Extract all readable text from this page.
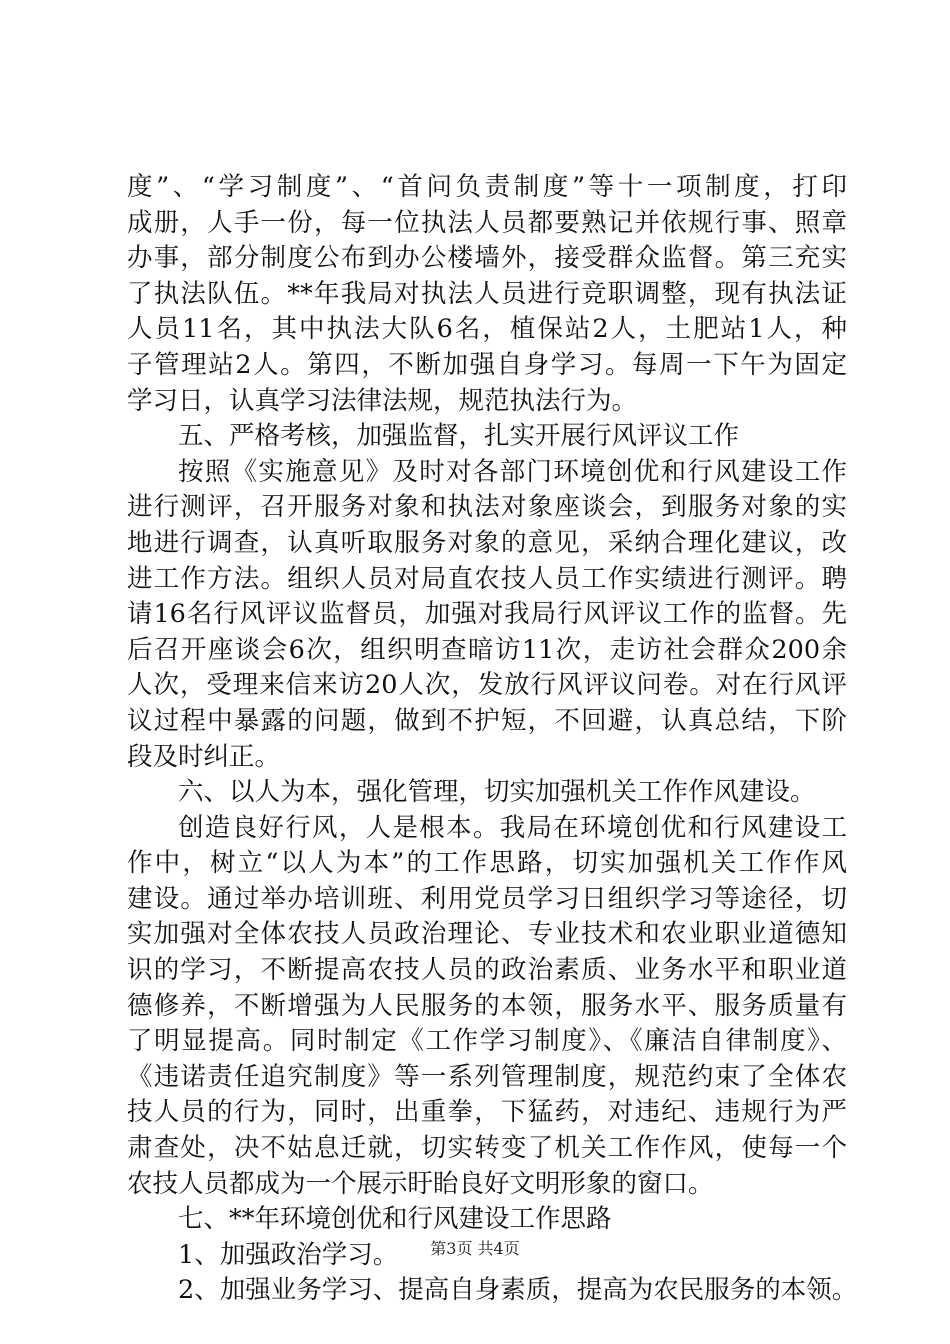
度”、“学习制度”、“首问负责制度”等十一项制度，打印
成册，人手一份，每一位执法人员都要熟记并依规行事、照章
办事，部分制度公布到办公楼墙外，接受群众监督。第三充实
了执法队伍。**年我局对执法人员进行竞职调整，现有执法证
人员11名，其中执法大队6名，植保站2人，土肥站1人，种
子管理站2人。第四，不断加强自身学习。每周一下午为固定
学习日，认真学习法律法规，规范执法行为。
五、严格考核，加强监督，扎实开展行风评议工作
按照《实施意见》及时对各部门环境创优和行风建设工作
进行测评，召开服务对象和执法对象座谈会，到服务对象的实
地进行调查，认真听取服务对象的意见，采纳合理化建议，改
进工作方法。组织人员对局直农技人员工作实绩进行测评。聘
请16名行风评议监督员，加强对我局行风评议工作的监督。先
后召开座谈会6次，组织明查暗访11次，走访社会群众200余
人次，受理来信来访20人次，发放行风评议问卷。对在行风评
议过程中暴露的问题，做到不护短，不回避，认真总结，下阶
段及时纠正。
六、以人为本，强化管理，切实加强机关工作作风建设。
创造良好行风，人是根本。我局在环境创优和行风建设工
作中，树立“以人为本”的工作思路，切实加强机关工作作风
建设。通过举办培训班、利用党员学习日组织学习等途径，切
实加强对全体农技人员政治理论、专业技术和农业职业道德知
识的学习，不断提高农技人员的政治素质、业务水平和职业道
德修养，不断增强为人民服务的本领，服务水平、服务质量有
了明显提高。同时制定《工作学习制度》、《廉洁自律制度》、
《违诺责任追究制度》等一系列管理制度，规范约束了全体农
技人员的行为，同时，出重拳，下猛药，对违纪、违规行为严
肃查处，决不姑息迁就，切实转变了机关工作作风，使每一个
农技人员都成为一个展示盱眙良好文明形象的窗口。
七、**年环境创优和行风建设工作思路
1、加强政治学习。
2、加强业务学习、提高自身素质，提高为农民服务的本领。
第3页 共4页
